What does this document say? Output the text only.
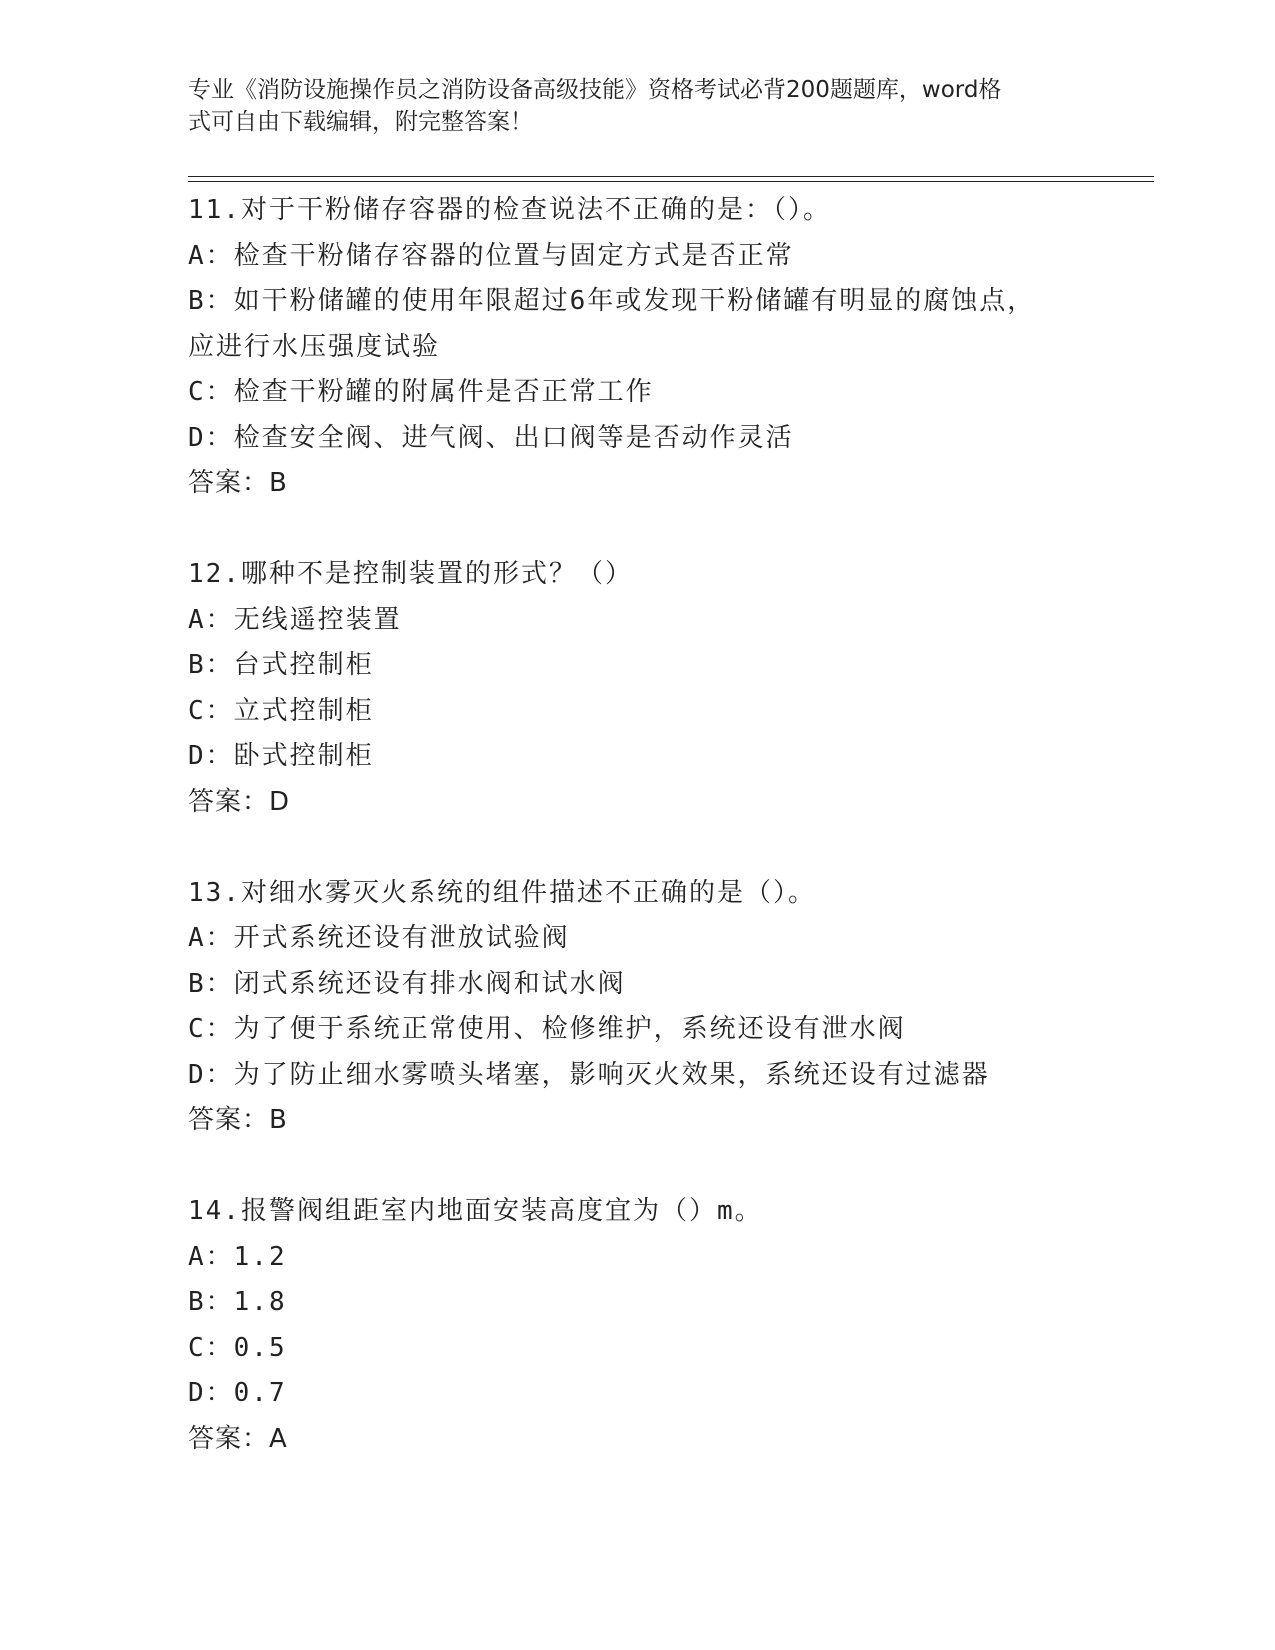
专业《消防设施操作员之消防设备高级技能》资格考试必背200题题库，word格
式可自由下载编辑，附完整答案！
11.对于干粉储存容器的检查说法不正确的是：（）。
A：检查干粉储存容器的位置与固定方式是否正常
B：如干粉储罐的使用年限超过6年或发现干粉储罐有明显的腐蚀点，
应进行水压强度试验
C：检查干粉罐的附属件是否正常工作
D：检查安全阀、进气阀、出口阀等是否动作灵活
答案：B
12.哪种不是控制装置的形式？（）
A：无线遥控装置
B：台式控制柜
C：立式控制柜
D：卧式控制柜
答案：D
13.对细水雾灭火系统的组件描述不正确的是（）。
A：开式系统还设有泄放试验阀
B：闭式系统还设有排水阀和试水阀
C：为了便于系统正常使用、检修维护，系统还设有泄水阀
D：为了防止细水雾喷头堵塞，影响灭火效果，系统还设有过滤器
答案：B
14.报警阀组距室内地面安装高度宜为（）m。
A：1.2
B：1.8
C：0.5
D：0.7
答案：A
